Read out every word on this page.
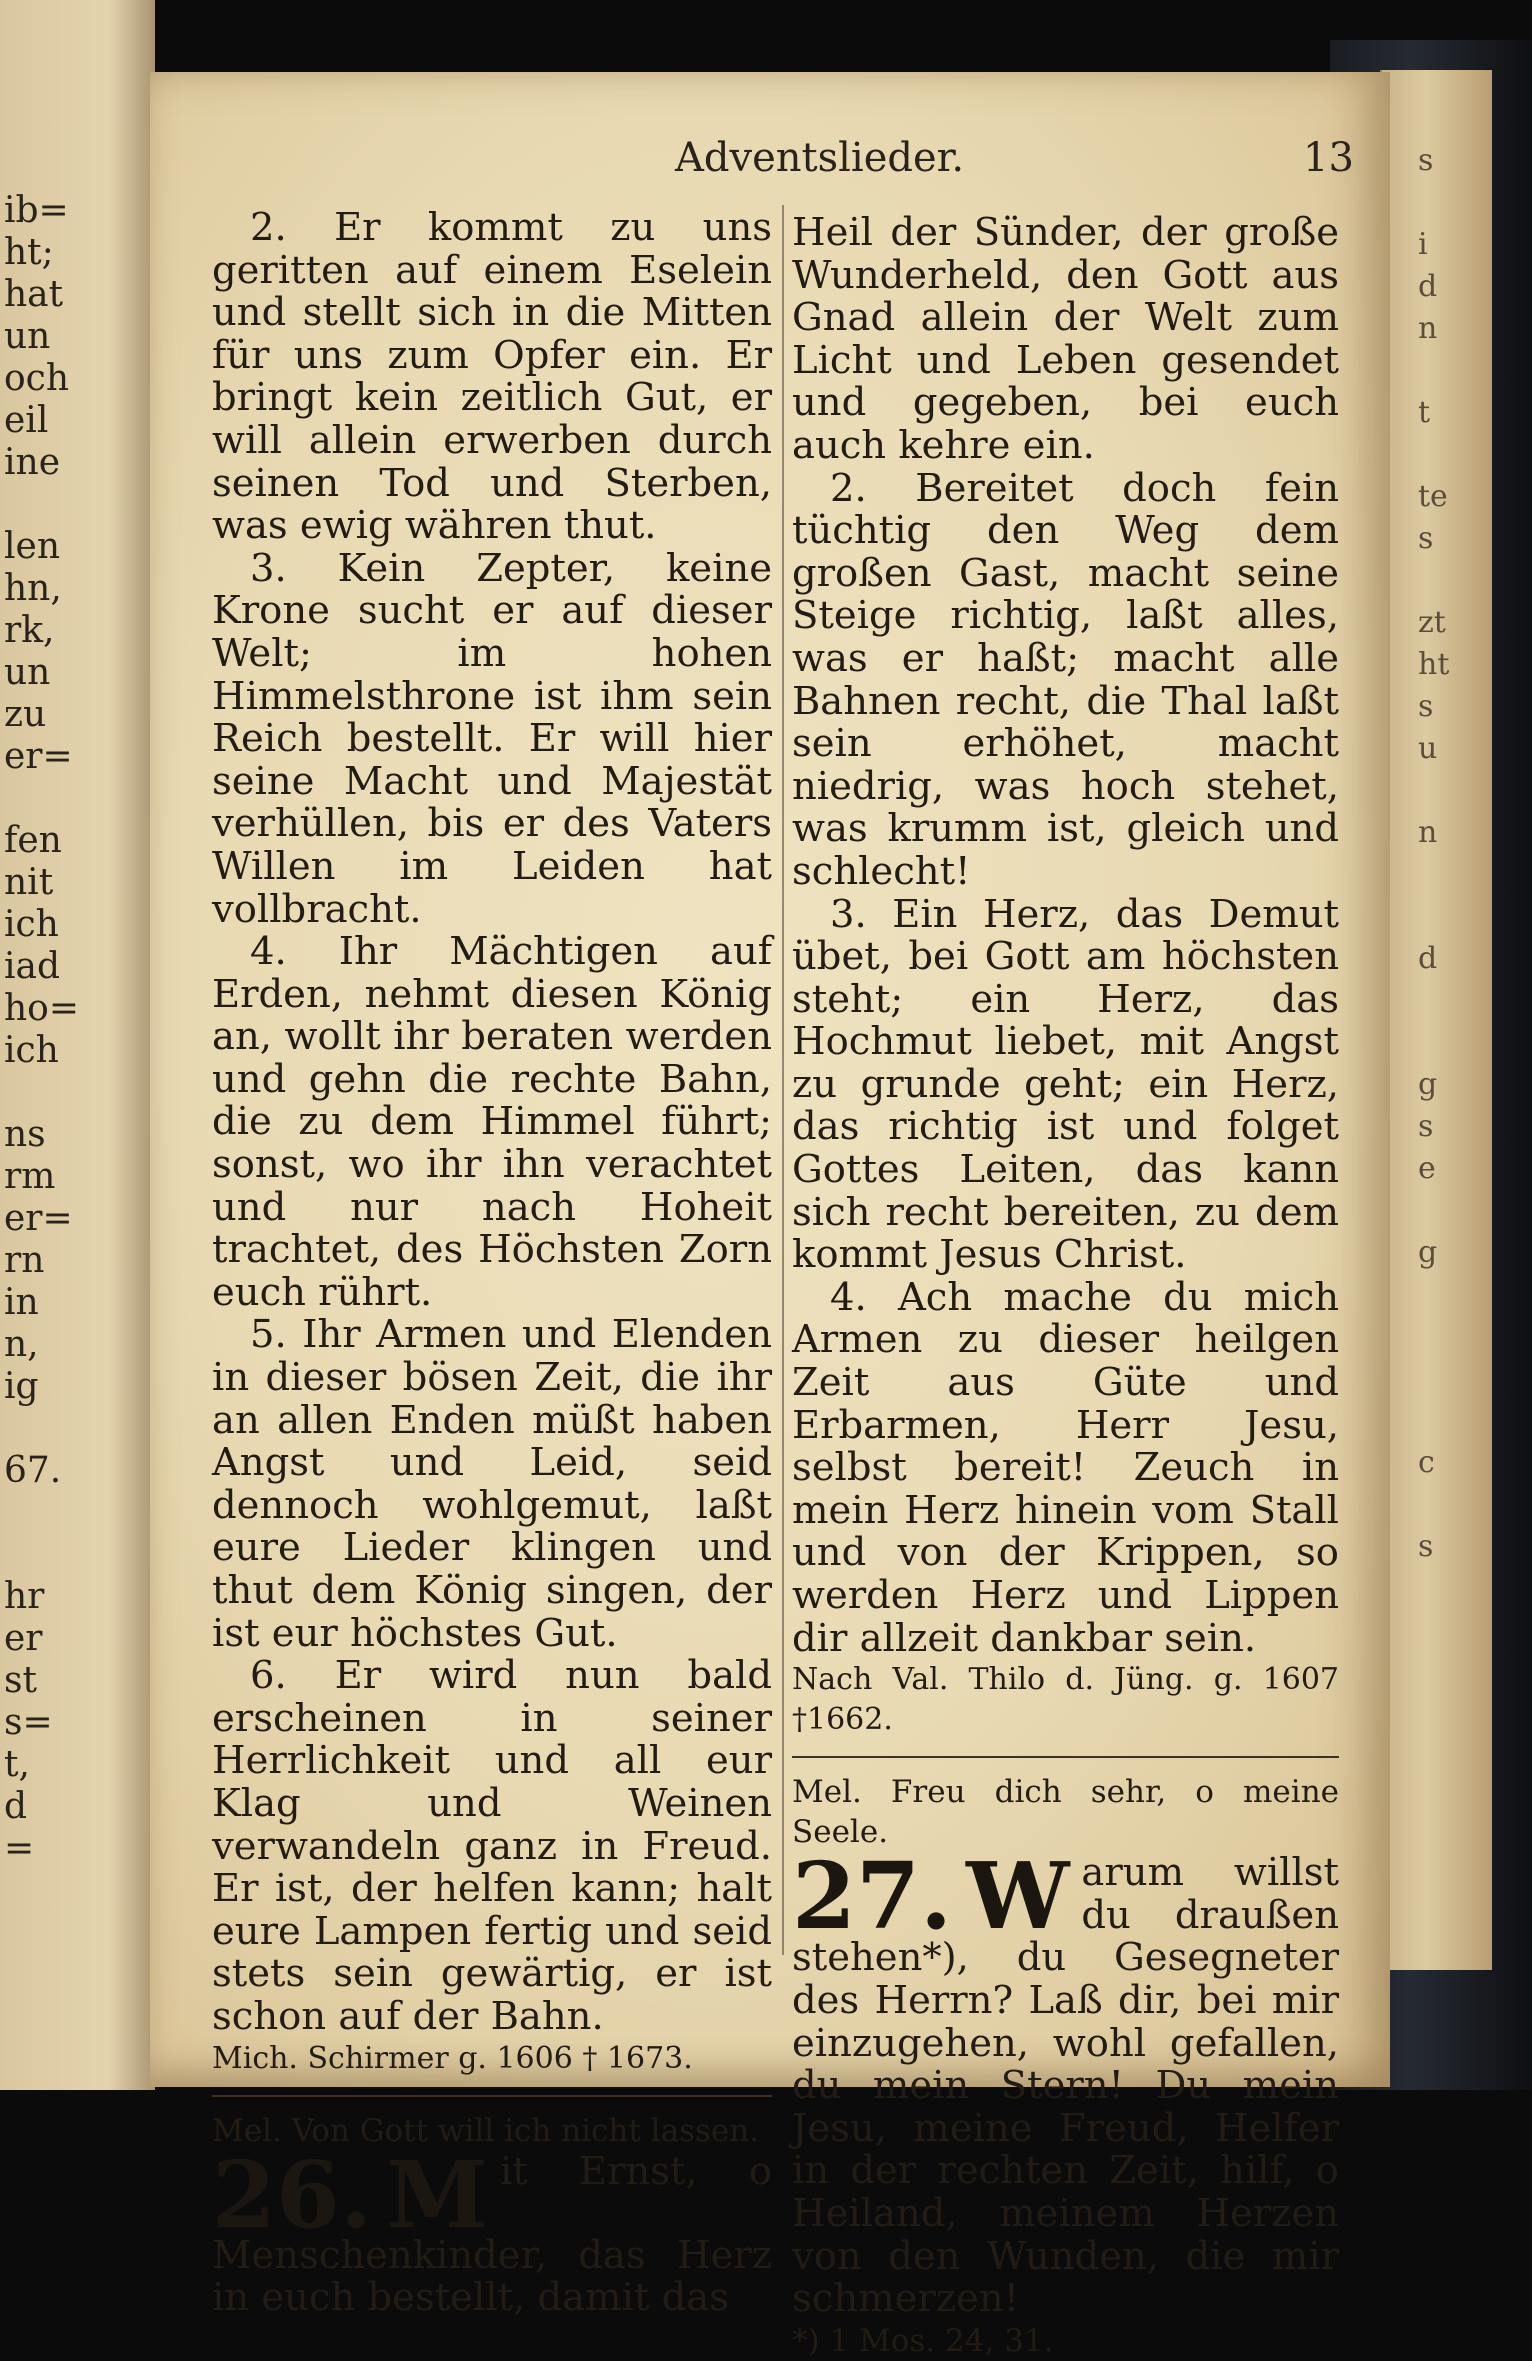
ib=
ht;
hat
un
och
eil
ine
len
hn,
rk,
un
zu
er=
fen
nit
ich
iad
ho=
ich
ns
rm
er=
rn
in
n,
ig
67.
hr
er
st
s=
t,
d
=
s
i
d
n
t
te
s
zt
ht
s
u
n
d
g
s
e
g
c
s
Adventslieder.	13

2. Er kommt zu uns geritten auf einem Eselein und stellt sich in die Mitten für uns zum Opfer ein. Er bringt kein zeitlich Gut, er will allein erwerben durch seinen Tod und Sterben, was ewig währen thut.

3. Kein Zepter, keine Krone sucht er auf dieser Welt; im hohen Himmelsthrone ist ihm sein Reich bestellt. Er will hier seine Macht und Majestät verhüllen, bis er des Vaters Willen im Leiden hat vollbracht.

4. Ihr Mächtigen auf Erden, nehmt diesen König an, wollt ihr beraten werden und gehn die rechte Bahn, die zu dem Himmel führt; sonst, wo ihr ihn verachtet und nur nach Hoheit trachtet, des Höchsten Zorn euch rührt.

5. Ihr Armen und Elenden in dieser bösen Zeit, die ihr an allen Enden müßt haben Angst und Leid, seid dennoch wohlgemut, laßt eure Lieder klingen und thut dem König singen, der ist eur höchstes Gut.

6. Er wird nun bald erscheinen in seiner Herrlichkeit und all eur Klag und Weinen verwandeln ganz in Freud. Er ist, der helfen kann; halt eure Lampen fertig und seid stets sein gewärtig, er ist schon auf der Bahn.

Mich. Schirmer g. 1606 † 1673.

Mel. Von Gott will ich nicht lassen.

26. M it Ernst, o Menschenkinder, das Herz in euch bestellt, damit das

Heil der Sünder, der große Wunderheld, den Gott aus Gnad allein der Welt zum Licht und Leben gesendet und gegeben, bei euch auch kehre ein.

2. Bereitet doch fein tüchtig den Weg dem großen Gast, macht seine Steige richtig, laßt alles, was er haßt; macht alle Bahnen recht, die Thal laßt sein erhöhet, macht niedrig, was hoch stehet, was krumm ist, gleich und schlecht!

3. Ein Herz, das Demut übet, bei Gott am höchsten steht; ein Herz, das Hochmut liebet, mit Angst zu grunde geht; ein Herz, das richtig ist und folget Gottes Leiten, das kann sich recht bereiten, zu dem kommt Jesus Christ.

4. Ach mache du mich Armen zu dieser heilgen Zeit aus Güte und Erbarmen, Herr Jesu, selbst bereit! Zeuch in mein Herz hinein vom Stall und von der Krippen, so werden Herz und Lippen dir allzeit dankbar sein.

Nach Val. Thilo d. Jüng. g. 1607 †1662.

Mel. Freu dich sehr, o meine Seele.

27. W arum willst du draußen stehen*), du Gesegneter des Herrn? Laß dir, bei mir einzugehen, wohl gefallen, du mein Stern! Du mein Jesu, meine Freud, Helfer in der rechten Zeit, hilf, o Heiland, meinem Herzen von den Wunden, die mir schmerzen!

*) 1 Mos. 24, 31.
